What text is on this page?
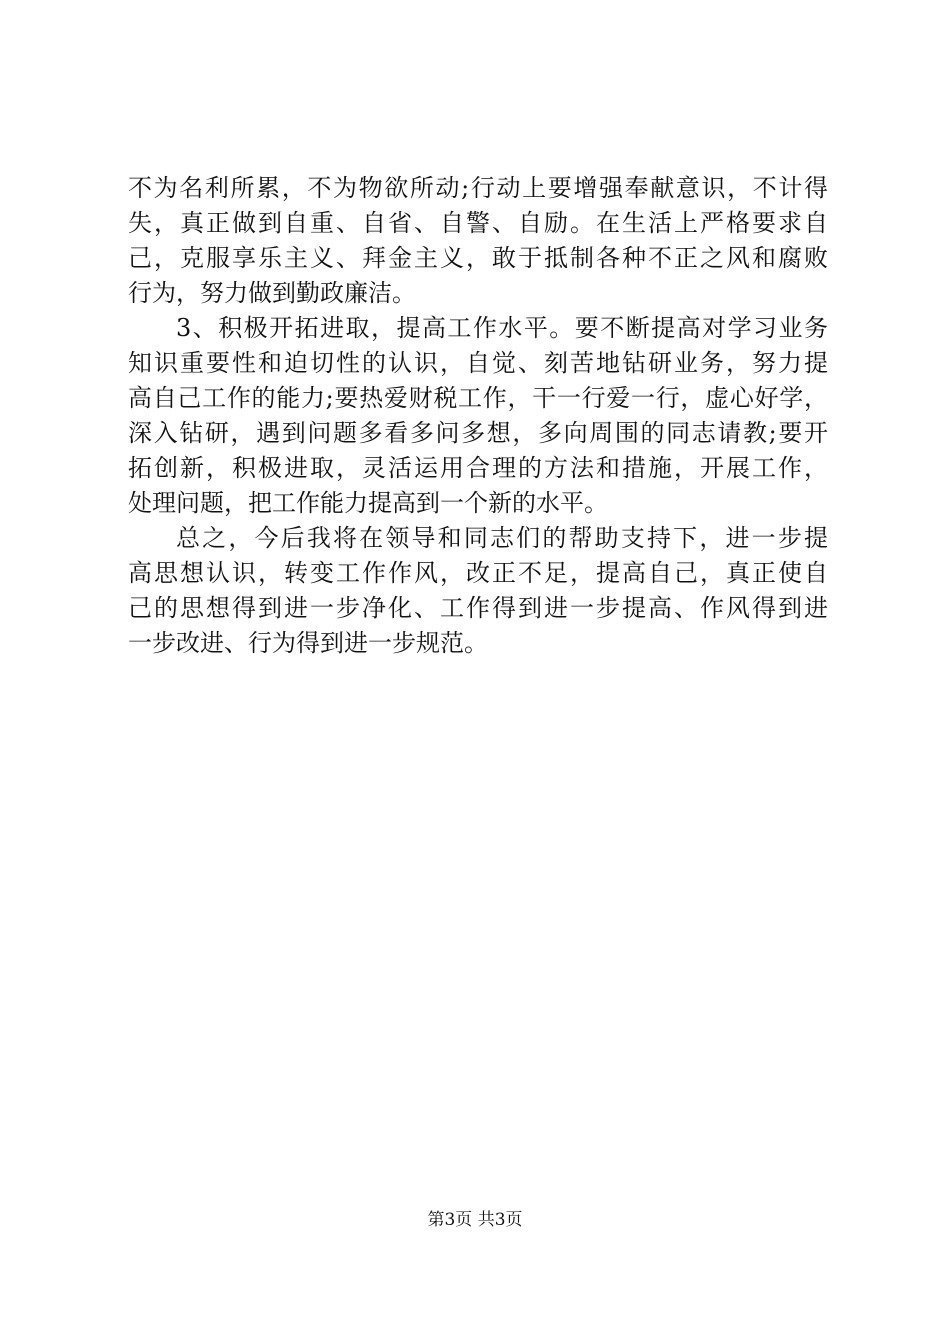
不为名利所累，不为物欲所动;行动上要增强奉献意识，不计得
失，真正做到自重、自省、自警、自励。在生活上严格要求自
己，克服享乐主义、拜金主义，敢于抵制各种不正之风和腐败
行为，努力做到勤政廉洁。
3、积极开拓进取，提高工作水平。要不断提高对学习业务
知识重要性和迫切性的认识，自觉、刻苦地钻研业务，努力提
高自己工作的能力;要热爱财税工作，干一行爱一行，虚心好学，
深入钻研，遇到问题多看多问多想，多向周围的同志请教;要开
拓创新，积极进取，灵活运用合理的方法和措施，开展工作，
处理问题，把工作能力提高到一个新的水平。
总之，今后我将在领导和同志们的帮助支持下，进一步提
高思想认识，转变工作作风，改正不足，提高自己，真正使自
己的思想得到进一步净化、工作得到进一步提高、作风得到进
一步改进、行为得到进一步规范。
第3页 共3页
